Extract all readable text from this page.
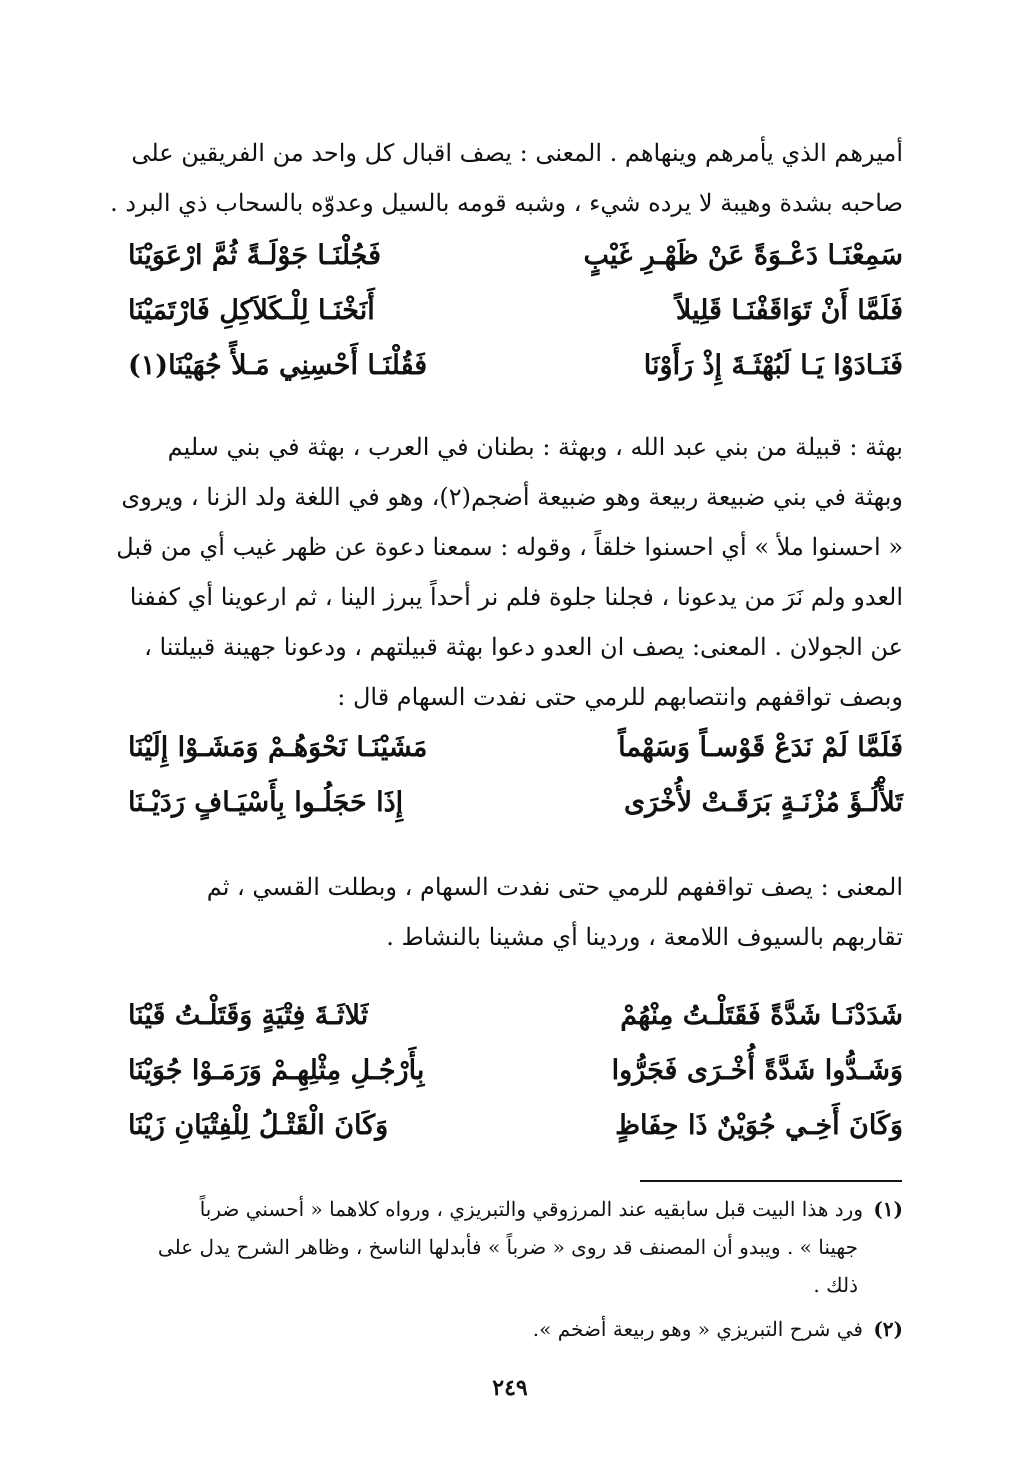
أميرهم الذي يأمرهم وينهاهم . المعنى : يصف اقبال كل واحد من الفريقين على
صاحبه بشدة وهيبة لا يرده شيء ، وشبه قومه بالسيل وعدوّه بالسحاب ذي البرد .
سَمِعْنَـا دَعْـوَةً عَنْ ظَهْـرِ غَيْبٍ
فَجُلْنَـا جَوْلَـةً ثُمَّ ارْعَوَيْنَا
فَلَمَّا أَنْ تَوَاقَفْنَـا قَلِيلاً
أَنَخْنَـا لِلْـكَلاَكِلِ فَارْتَمَيْنَا
فَنَـادَوْا يَـا لَبُهْثَـةَ إِذْ رَأَوْنَا
فَقُلْنَـا أَحْسِنِي مَـلأً جُهَيْنَا(١)
بهثة : قبيلة من بني عبد الله ، وبهثة : بطنان في العرب ، بهثة في بني سليم
وبهثة في بني ضبيعة ربيعة وهو ضبيعة أضجم(٢)، وهو في اللغة ولد الزنا ، ويروى
« احسنوا ملأ » أي احسنوا خلقاً ، وقوله : سمعنا دعوة عن ظهر غيب أي من قبل
العدو ولم نَرَ من يدعونا ، فجلنا جلوة فلم نر أحداً يبرز الينا ، ثم ارعوينا أي كففنا
عن الجولان . المعنى: يصف ان العدو دعوا بهثة قبيلتهم ، ودعونا جهينة قبيلتنا ،
وبصف تواقفهم وانتصابهم للرمي حتى نفدت السهام قال :
فَلَمَّا لَمْ نَدَعْ قَوْسـاً وَسَهْماً
مَشَيْنَـا نَحْوَهُـمْ وَمَشَـوْا إِلَيْنَا
تَلأْلُـؤَ مُزْنَـةٍ بَرَقَـتْ لأُخْرَى
إِذَا حَجَلُـوا بِأَسْيَـافٍ رَدَيْـنَا
المعنى : يصف تواقفهم للرمي حتى نفدت السهام ، وبطلت القسي ، ثم
تقاربهم بالسيوف اللامعة ، وردينا أي مشينا بالنشاط .
شَدَدْنَـا شَدَّةً فَقَتَلْـتُ مِنْهُمْ
ثَلاثَـةَ فِتْيَةٍ وَقَتَلْـتُ قَيْنَا
وَشَـدُّوا شَدَّةً أُخْـرَى فَجَرُّوا
بِأَرْجُـلِ مِثْلِهِـمْ وَرَمَـوْا جُوَيْنَا
وَكَانَ أَخِـي جُوَيْنٌ ذَا حِفَاظٍ
وَكَانَ الْقَتْـلُ لِلْفِتْيَانِ زَيْنَا
(١)ورد هذا البيت قبل سابقيه عند المرزوقي والتبريزي ، ورواه كلاهما « أحسني ضرباً
جهينا » . ويبدو أن المصنف قد روى « ضرباً » فأبدلها الناسخ ، وظاهر الشرح يدل على
ذلك .
(٢)في شرح التبريزي « وهو ربيعة أضخم ».
٢٤٩
